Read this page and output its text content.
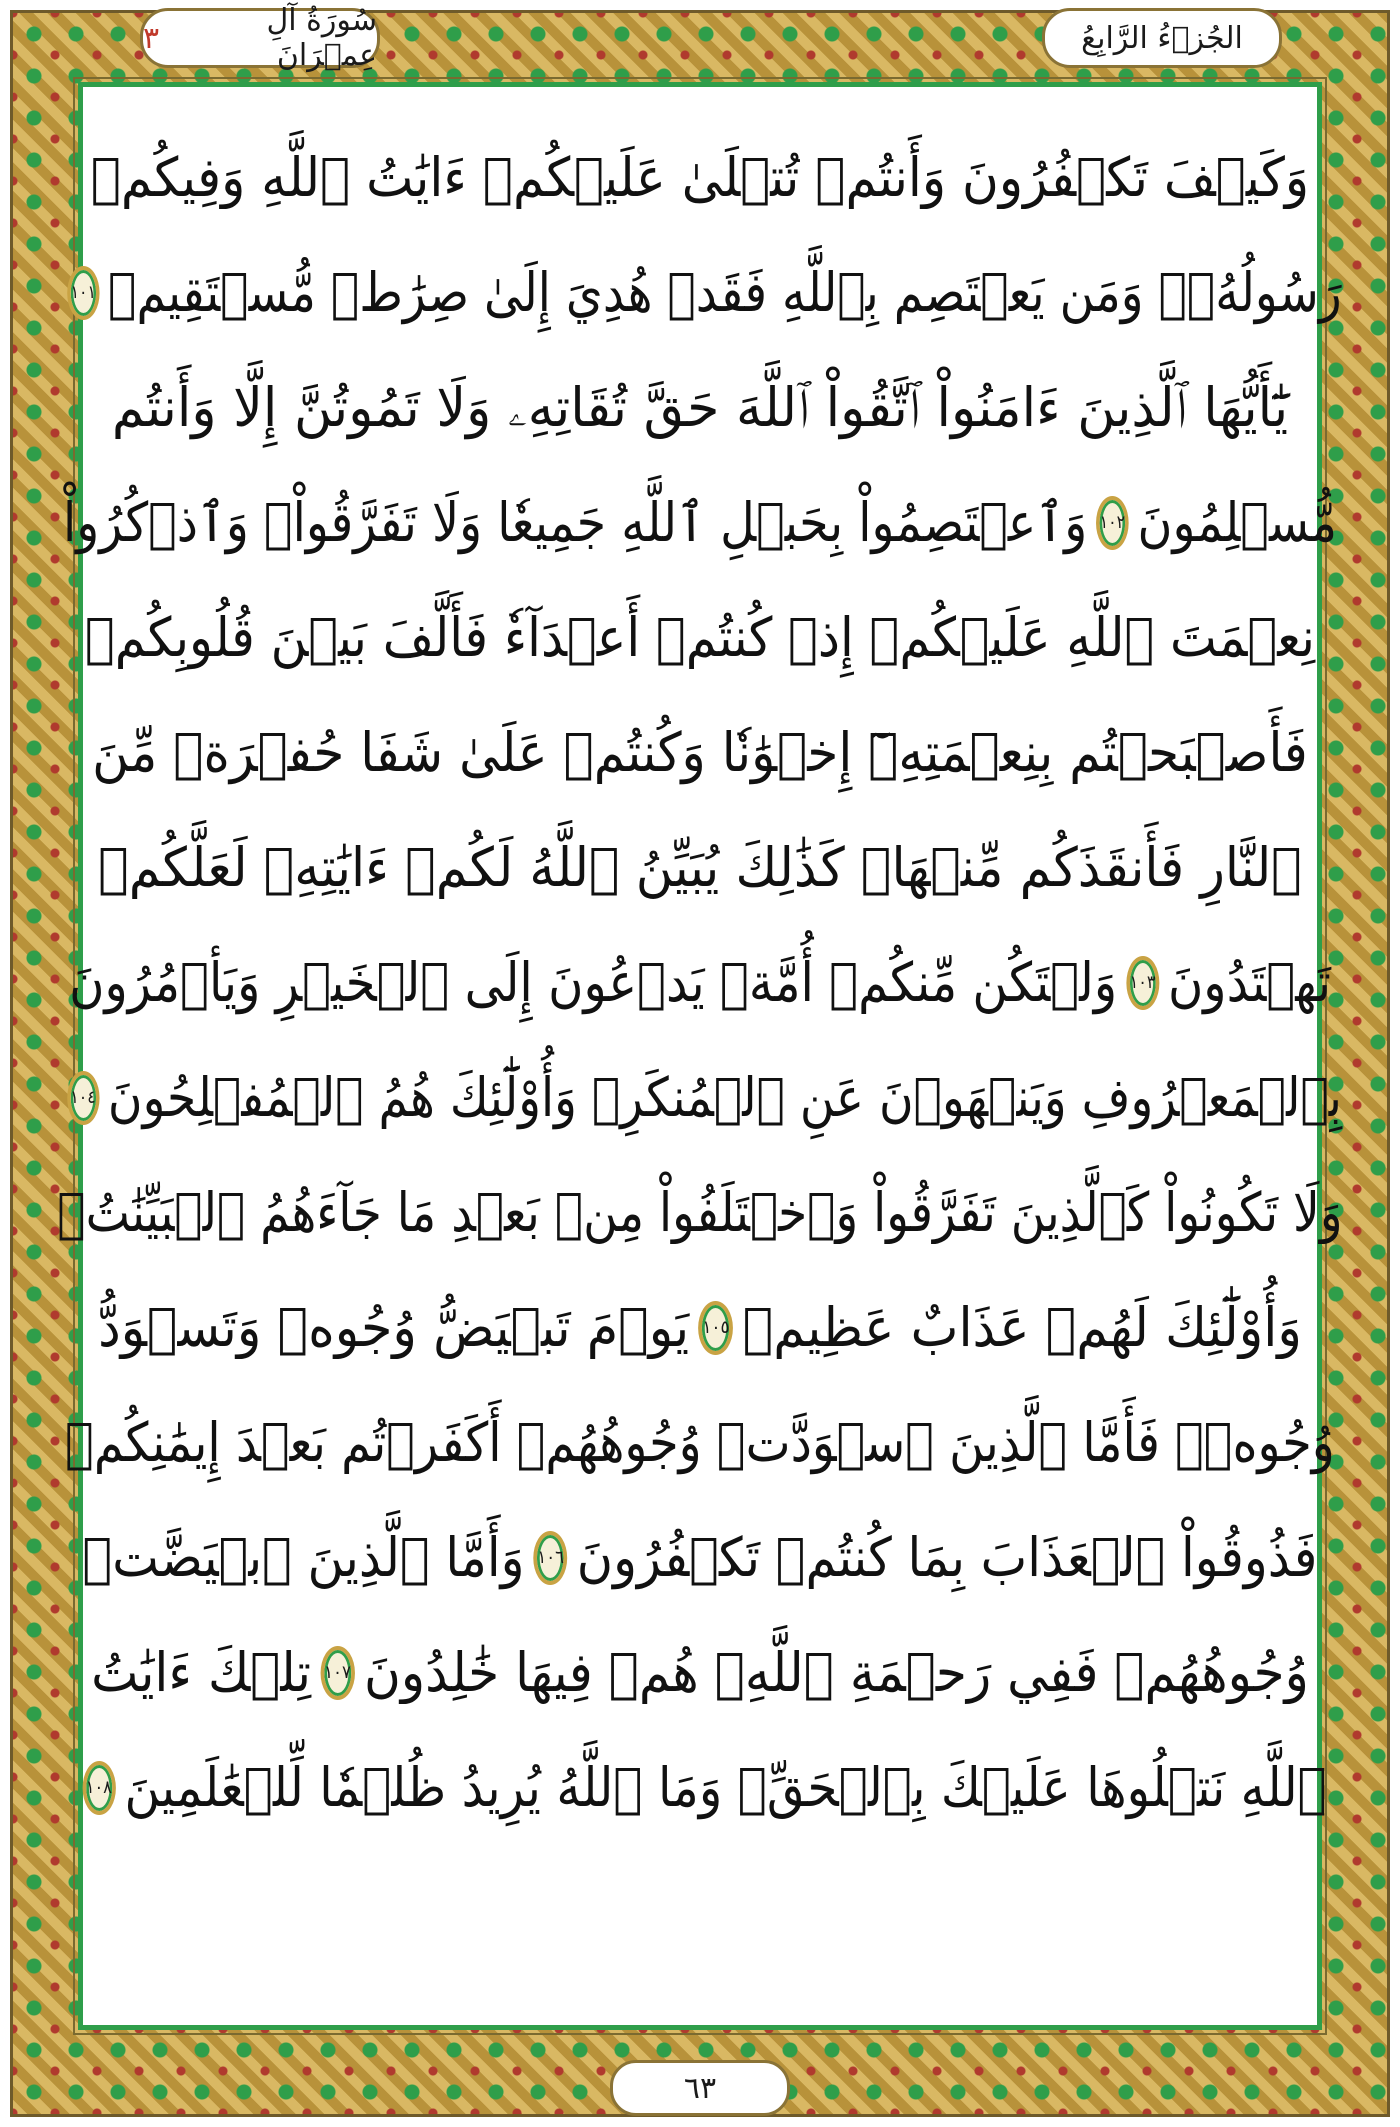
سُورَةُ آلِ عِمۡرَانَ
٣	الجُزۡءُ الرَّابِعُ
وَكَيۡفَ تَكۡفُرُونَ وَأَنتُمۡ تُتۡلَىٰ عَلَيۡكُمۡ ءَايَٰتُ ٱللَّهِ وَفِيكُمۡ
رَسُولُهُۥۗ وَمَن يَعۡتَصِم بِٱللَّهِ فَقَدۡ هُدِيَ إِلَىٰ صِرَٰطٖ مُّسۡتَقِيمٖ
١٠١
يَٰٓأَيُّهَا ٱلَّذِينَ ءَامَنُواْ ٱتَّقُواْ ٱللَّهَ حَقَّ تُقَاتِهِۦ وَلَا تَمُوتُنَّ إِلَّا وَأَنتُم
مُّسۡلِمُونَ
١٠٢
وَٱعۡتَصِمُواْ بِحَبۡلِ ٱللَّهِ جَمِيعٗا وَلَا تَفَرَّقُواْۚ وَٱذۡكُرُواْ
نِعۡمَتَ ٱللَّهِ عَلَيۡكُمۡ إِذۡ كُنتُمۡ أَعۡدَآءٗ فَأَلَّفَ بَيۡنَ قُلُوبِكُمۡ
فَأَصۡبَحۡتُم بِنِعۡمَتِهِۦٓ إِخۡوَٰنٗا وَكُنتُمۡ عَلَىٰ شَفَا حُفۡرَةٖ مِّنَ
ٱلنَّارِ فَأَنقَذَكُم مِّنۡهَاۗ كَذَٰلِكَ يُبَيِّنُ ٱللَّهُ لَكُمۡ ءَايَٰتِهِۦ لَعَلَّكُمۡ
تَهۡتَدُونَ
١٠٣
وَلۡتَكُن مِّنكُمۡ أُمَّةٞ يَدۡعُونَ إِلَى ٱلۡخَيۡرِ وَيَأۡمُرُونَ
بِٱلۡمَعۡرُوفِ وَيَنۡهَوۡنَ عَنِ ٱلۡمُنكَرِۚ وَأُوْلَٰٓئِكَ هُمُ ٱلۡمُفۡلِحُونَ
١٠٤
وَلَا تَكُونُواْ كَٱلَّذِينَ تَفَرَّقُواْ وَٱخۡتَلَفُواْ مِنۢ بَعۡدِ مَا جَآءَهُمُ ٱلۡبَيِّنَٰتُۚ
وَأُوْلَٰٓئِكَ لَهُمۡ عَذَابٌ عَظِيمٞ
١٠٥
يَوۡمَ تَبۡيَضُّ وُجُوهٞ وَتَسۡوَدُّ
وُجُوهٞۚ فَأَمَّا ٱلَّذِينَ ٱسۡوَدَّتۡ وُجُوهُهُمۡ أَكَفَرۡتُم بَعۡدَ إِيمَٰنِكُمۡ
فَذُوقُواْ ٱلۡعَذَابَ بِمَا كُنتُمۡ تَكۡفُرُونَ
١٠٦
وَأَمَّا ٱلَّذِينَ ٱبۡيَضَّتۡ
وُجُوهُهُمۡ فَفِي رَحۡمَةِ ٱللَّهِۖ هُمۡ فِيهَا خَٰلِدُونَ
١٠٧
تِلۡكَ ءَايَٰتُ
ٱللَّهِ نَتۡلُوهَا عَلَيۡكَ بِٱلۡحَقِّۗ وَمَا ٱللَّهُ يُرِيدُ ظُلۡمٗا لِّلۡعَٰلَمِينَ
١٠٨
٦٣
